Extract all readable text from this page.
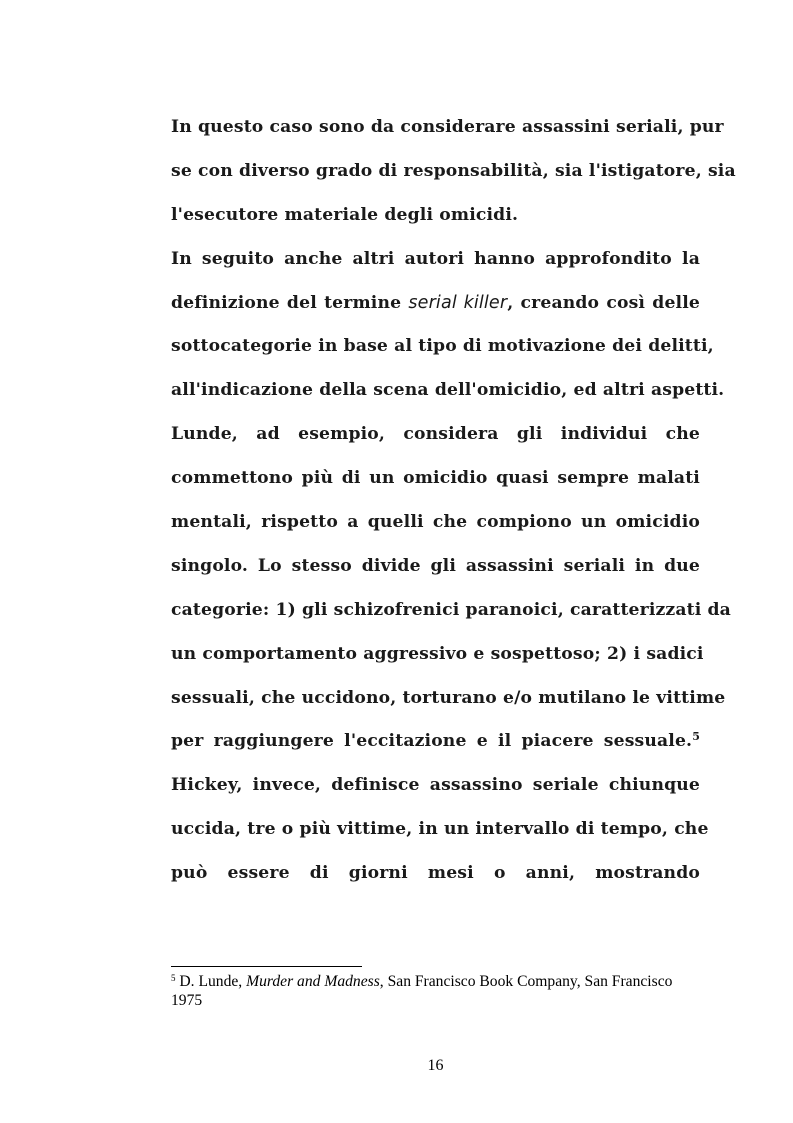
In questo caso sono da considerare assassini seriali, pur
se con diverso grado di responsabilità, sia l'istigatore, sia
l'esecutore materiale degli omicidi.
In seguito anche altri autori hanno approfondito la
definizione del termine serial killer, creando così delle
sottocategorie in base al tipo di motivazione dei delitti,
all'indicazione della scena dell'omicidio, ed altri aspetti.
Lunde, ad esempio, considera gli individui che
commettono più di un omicidio quasi sempre malati
mentali, rispetto a quelli che compiono un omicidio
singolo. Lo stesso divide gli assassini seriali in due
categorie: 1) gli schizofrenici paranoici, caratterizzati da
un comportamento aggressivo e sospettoso; 2) i sadici
sessuali, che uccidono, torturano e/o mutilano le vittime
per raggiungere l'eccitazione e il piacere sessuale.$^5$
Hickey, invece, definisce assassino seriale chiunque
uccida, tre o più vittime, in un intervallo di tempo, che
può essere di giorni mesi o anni, mostrando
$^5$ D. Lunde, Murder and Madness, San Francisco Book Company, San Francisco 1975
16
